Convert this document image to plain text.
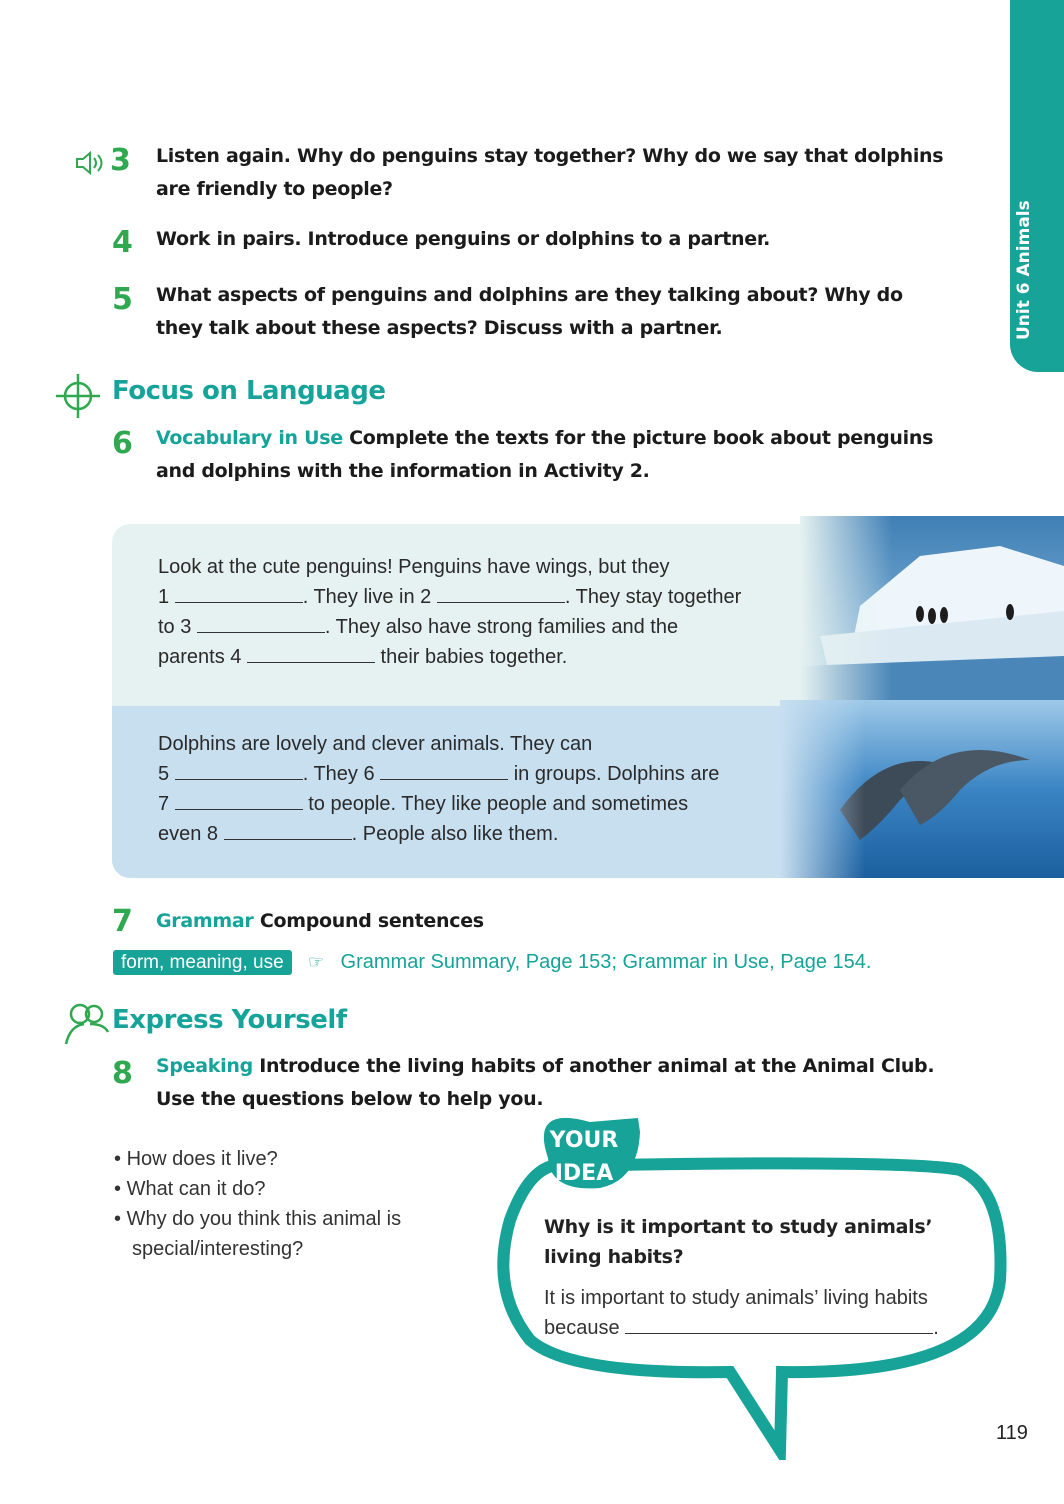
Unit 6 Animals
3 Listen again. Why do penguins stay together? Why do we say that dolphins are friendly to people?
4 Work in pairs. Introduce penguins or dolphins to a partner.
5 What aspects of penguins and dolphins are they talking about? Why do they talk about these aspects? Discuss with a partner.
Focus on Language
6 Vocabulary in Use Complete the texts for the picture book about penguins and dolphins with the information in Activity 2.
Look at the cute penguins! Penguins have wings, but they
1	. They live in 2	. They stay together
to 3	. They also have strong families and the
parents 4	their babies together.
Dolphins are lovely and clever animals. They can
5	. They 6	in groups. Dolphins are
7	to people. They like people and sometimes
even 8	. People also like them.
7 Grammar Compound sentences
form, meaning, use ☞ Grammar Summary, Page 153; Grammar in Use, Page 154.
Express Yourself
8 Speaking Introduce the living habits of another animal at the Animal Club. Use the questions below to help you.
• How does it live?
• What can it do?
• Why do you think this animal is special/interesting?
YOUR
IDEA
Why is it important to study animals’ living habits?
It is important to study animals’ living habits
because	.
119
